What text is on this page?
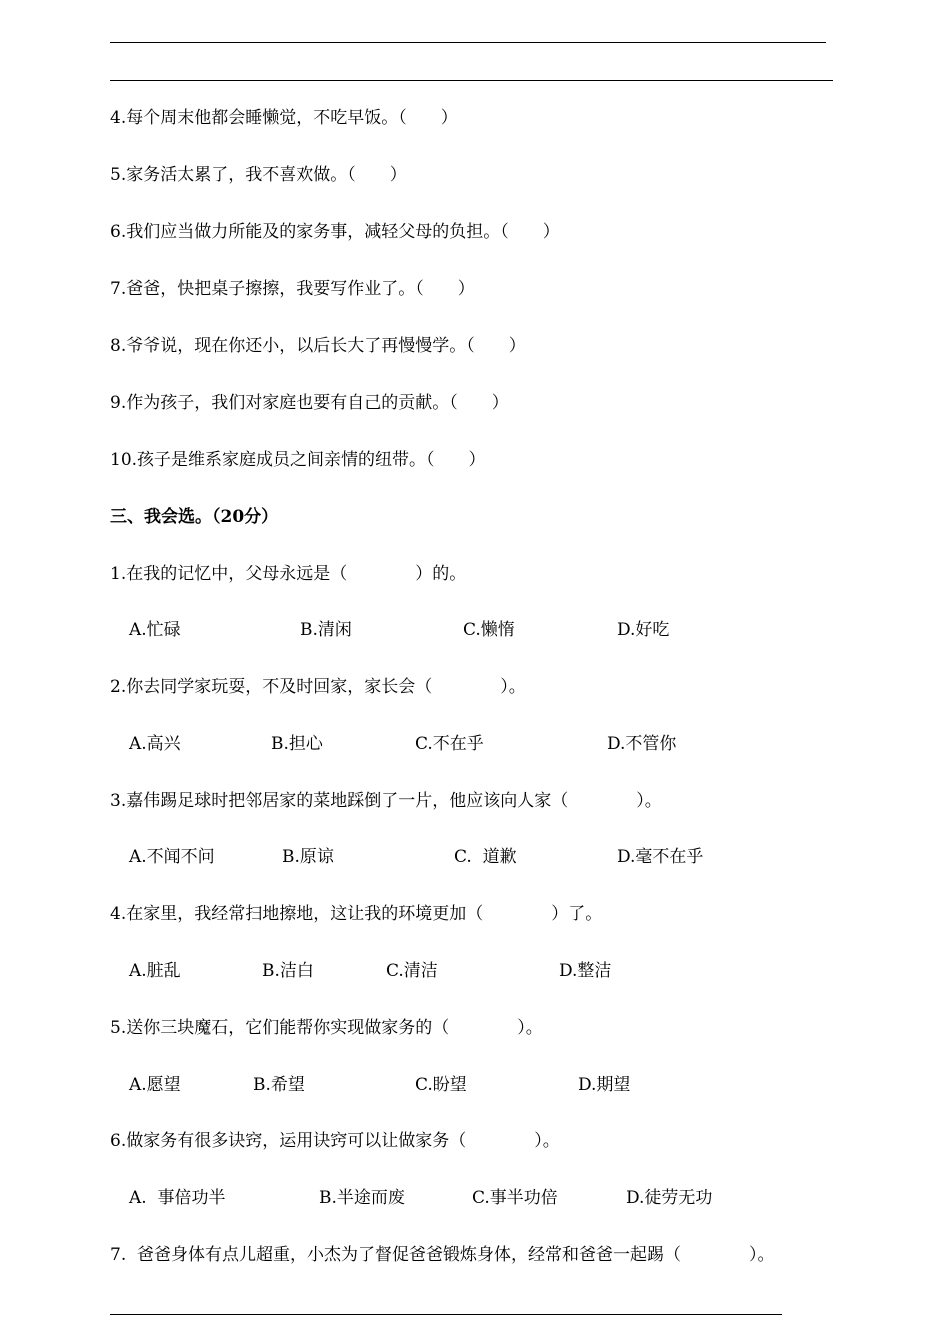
4.每个周末他都会睡懒觉，不吃早饭。（　　）
5.家务活太累了，我不喜欢做。（　　）
6.我们应当做力所能及的家务事，减轻父母的负担。（　　）
7.爸爸，快把桌子擦擦，我要写作业了。（　　）
8.爷爷说，现在你还小，以后长大了再慢慢学。（　　）
9.作为孩子，我们对家庭也要有自己的贡献。（　　）
10.孩子是维系家庭成员之间亲情的纽带。（　　）
三、我会选。（20分）
1.在我的记忆中，父母永远是（　　　　）的。
A.忙碌	B.清闲	C.懒惰	D.好吃
2.你去同学家玩耍，不及时回家，家长会（　　　　）。
A.高兴	B.担心	C.不在乎	D.不管你
3.嘉伟踢足球时把邻居家的菜地踩倒了一片，他应该向人家（　　　　）。
A.不闻不问	B.原谅	C.  道歉	D.毫不在乎
4.在家里，我经常扫地擦地，这让我的环境更加（　　　　）了。
A.脏乱	B.洁白	C.清洁	D.整洁
5.送你三块魔石，它们能帮你实现做家务的（　　　　）。
A.愿望	B.希望	C.盼望	D.期望
6.做家务有很多诀窍，运用诀窍可以让做家务（　　　　）。
A.  事倍功半	B.半途而废	C.事半功倍	D.徒劳无功
7.  爸爸身体有点儿超重，小杰为了督促爸爸锻炼身体，经常和爸爸一起踢（　　　　）。
